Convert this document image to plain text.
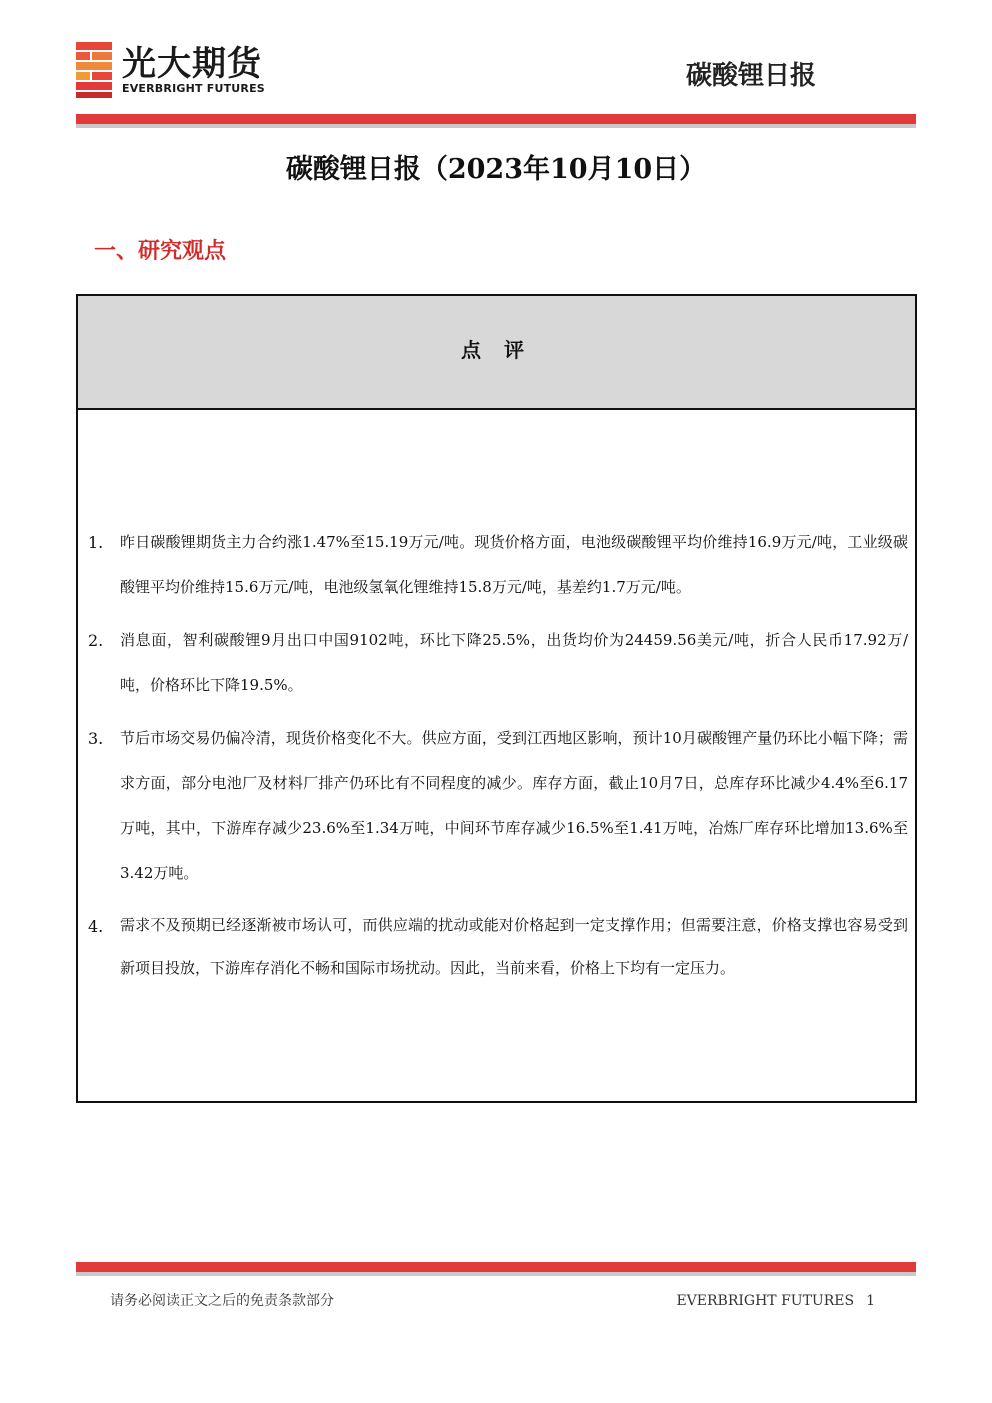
光大期货
EVERBRIGHT FUTURES	碳酸锂日报
碳酸锂日报（2023年10月10日）
一、研究观点
点 评
1. 昨日碳酸锂期货主力合约涨1.47%至15.19万元/吨。现货价格方面，电池级碳酸锂平均价维持16.9万元/吨，工业级碳酸锂平均价维持15.6万元/吨，电池级氢氧化锂维持15.8万元/吨，基差约1.7万元/吨。
2. 消息面，智利碳酸锂9月出口中国9102吨，环比下降25.5%，出货均价为24459.56美元/吨，折合人民币17.92万/吨，价格环比下降19.5%。
3. 节后市场交易仍偏冷清，现货价格变化不大。供应方面，受到江西地区影响，预计10月碳酸锂产量仍环比小幅下降；需求方面，部分电池厂及材料厂排产仍环比有不同程度的减少。库存方面，截止10月7日，总库存环比减少4.4%至6.17万吨，其中，下游库存减少23.6%至1.34万吨，中间环节库存减少16.5%至1.41万吨，冶炼厂库存环比增加13.6%至3.42万吨。
4. 需求不及预期已经逐渐被市场认可，而供应端的扰动或能对价格起到一定支撑作用；但需要注意，价格支撑也容易受到新项目投放，下游库存消化不畅和国际市场扰动。因此，当前来看，价格上下均有一定压力。
请务必阅读正文之后的免责条款部分	EVERBRIGHT FUTURES 1
